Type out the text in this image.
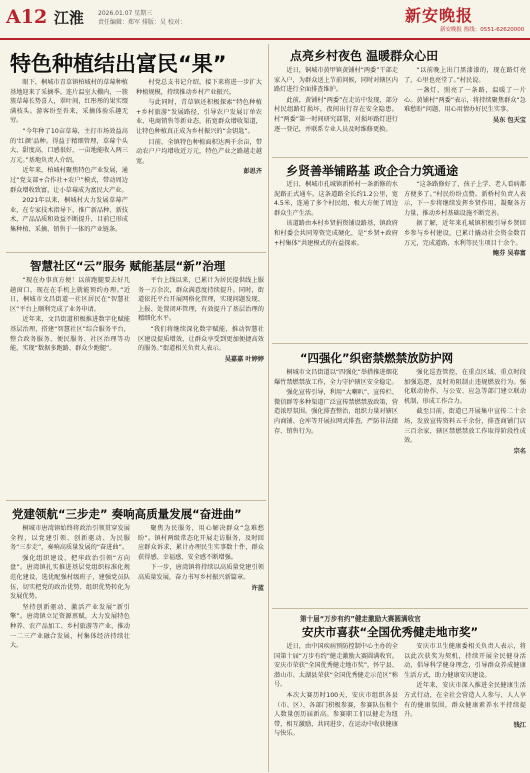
A12 江淮 2026.01.07 星期三
责任编辑：郑军 排版：吴 校对：	新安晚报
新安晚报 热线：0551-62620000
特色种植结出富民“果”

眼下，桐城市青草镇柏城村的草莓种植基地迎来了采摘季。连片温室大棚内，一簇簇草莓长势喜人，翠叶间，红彤彤的果实缀满枝头。游客纷至沓来，采摘体验乐趣无穷。

“今年种了10亩草莓，主打市场效益高的‘红颜’品种。得益于精细管理，草莓个头大、甜度高，口感很好，一亩地能收入两三万元。”基地负责人介绍。

近年来，柏城村聚焦特色产业发展，通过“党支部+合作社+农户”模式，带动周边群众增收致富，让小草莓成为富民大产业。

2021年以来，桐城村大力发展草莓产业，在专家技术指导下，推广新品种、新技术，产品品质和效益不断提升，目前已形成集种植、采摘、销售于一体的产业链条。

村党总支书记介绍，接下来将进一步扩大种植规模，持续推动乡村产业振兴。

与此同时，青草镇还积极探索“特色种植+乡村旅游”发展路径，引导农户发展订单农业、电商销售等新业态，拓宽群众增收渠道，让特色种植真正成为乡村振兴的“金钥匙”。

目前，全镇特色种植面积达两千余亩，带动农户户均增收近万元，特色产业之路越走越宽。

彭思齐

点亮乡村夜色 温暖群众心田

近日，铜城市黄甲镇黄铺村“两委”干部走家入户，为群众送上节前问候，同时对辖区内路灯进行全面排查维护。

此前，黄铺村“两委”在走访中发现，部分村民组路灯损坏，夜间出行存在安全隐患。村“两委”第一时间研究部署，对损坏路灯进行逐一登记，并联系专业人员及时维修更换。

“以前晚上出门黑漆漆的，现在路灯亮了，心里也亮堂了。”村民说。

一盏灯，照亮了一条路，温暖了一片心。黄铺村“两委”表示，将持续聚焦群众“急难愁盼”问题，用心用情办好民生实事。

吴东 包天宝

乡贤善举铺路基 政企合力筑通途

近日，桐城市孔城镇新桥村一条新修的水泥路正式通车。这条道路全长约1.2公里，宽4.5米，连通了多个村民组，极大方便了周边群众生产生活。

该道路由本村乡贤捐资铺设路基，镇政府和村委会共同筹资完成硬化，是“乡贤+政府+村集体”共建模式的有益探索。

“这条路修好了，孩子上学、老人看病都方便多了。”村民纷纷点赞。新桥村负责人表示，下一步将继续发挥乡贤作用，凝聚各方力量，推动乡村基础设施不断完善。

据了解，近年来孔城镇积极引导乡贤回乡参与乡村建设，已累计撬动社会资金数百万元，完成道路、水利等民生项目十余个。

鲍芬 吴春富

智慧社区“云”服务 赋能基层“新”治理

“现在办事真方便！以前跑腿要去好几趟窗口，现在在手机上就能预约办理。”近日，桐城市文昌街道一社区居民在“智慧社区”平台上顺利完成了业务申请。

近年来，文昌街道积极推进数字化赋能基层治理，搭建“智慧社区”综合服务平台，整合政务服务、便民服务、社区治理等功能，实现“数据多跑路、群众少跑腿”。

平台上线以来，已累计为居民提供线上服务一万余次，群众满意度持续提升。同时，街道依托平台开展网格化管理，实现问题发现、上报、处置闭环管理，有效提升了基层治理的精细化水平。

“我们将继续深化数字赋能，推动智慧社区建设提质增效，让群众享受到更加便捷高效的服务。”街道相关负责人表示。

吴嘉嘉 叶婷婷	“四强化”织密禁燃禁放防护网

桐城市文昌街道以“四强化”举措推进烟花爆竹禁燃禁放工作，全力守护辖区安全稳定。

强化宣传引导，利用“大喇叭”、宣传栏、微信群等多种渠道广泛宣传禁燃禁放政策，营造浓厚氛围。强化排查整治，组织力量对辖区内商铺、仓库等开展拉网式排查，严防非法储存、销售行为。

强化巡查管控，在重点区域、重点时段加强巡逻，及时劝阻制止违规燃放行为。强化联动协作，与公安、应急等部门建立联动机制，形成工作合力。

截至目前，街道已开展集中宣传二十余场，发放宣传资料五千余份，排查商铺门店三百余家，辖区禁燃禁放工作取得阶段性成效。

宗名

党建领航“三步走” 奏响高质量发展“奋进曲”

桐城市唐湾镇始终将政治引领贯穿发展全程，以党建引领、创新驱动、为民服务“三步走”，奏响高质量发展的“奋进曲”。

强化组织建设，把牢政治引领“方向盘”。唐湾镇扎实推进基层党组织标准化规范化建设，选优配强村级班子，建强党员队伍，切实把党的政治优势、组织优势转化为发展优势。

坚持创新驱动，激活产业发展“新引擎”。唐湾镇立足资源禀赋，大力发展特色种养、农产品加工、乡村旅游等产业，推动一二三产业融合发展，村集体经济持续壮大。

聚焦为民服务，用心解决群众“急难愁盼”。镇村两级常态化开展走访服务，及时回应群众诉求，累计办理民生实事数十件，群众获得感、幸福感、安全感不断增强。

下一步，唐湾镇将持续以高质量党建引领高质量发展，奋力书写乡村振兴新篇章。

许蓝

第十届“万步有约”健走激励大赛圆满收官
安庆市喜获“全国优秀健走地市奖”

近日，由中国疾病预防控制中心主办的全国第十届“万步有约”健走激励大赛圆满收官。安庆市荣获“全国优秀健走地市奖”，怀宁县、潜山市、太湖县荣获“全国优秀健走示范区”称号。

本次大赛历时100天，安庆市组织各县（市、区）、各部门积极参赛，参赛队伍和个人数量创历届新高。参赛职工们以健走为纽带，相互激励、共同进步，在运动中收获健康与快乐。

安庆市卫生健康委相关负责人表示，将以此次获奖为契机，持续开展全民健身活动，倡导科学健身理念，引导群众养成健康生活方式，助力健康安庆建设。

近年来，安庆市深入推进全民健康生活方式行动，在全社会营造人人参与、人人享有的健康氛围，群众健康素养水平持续提升。

钱江
